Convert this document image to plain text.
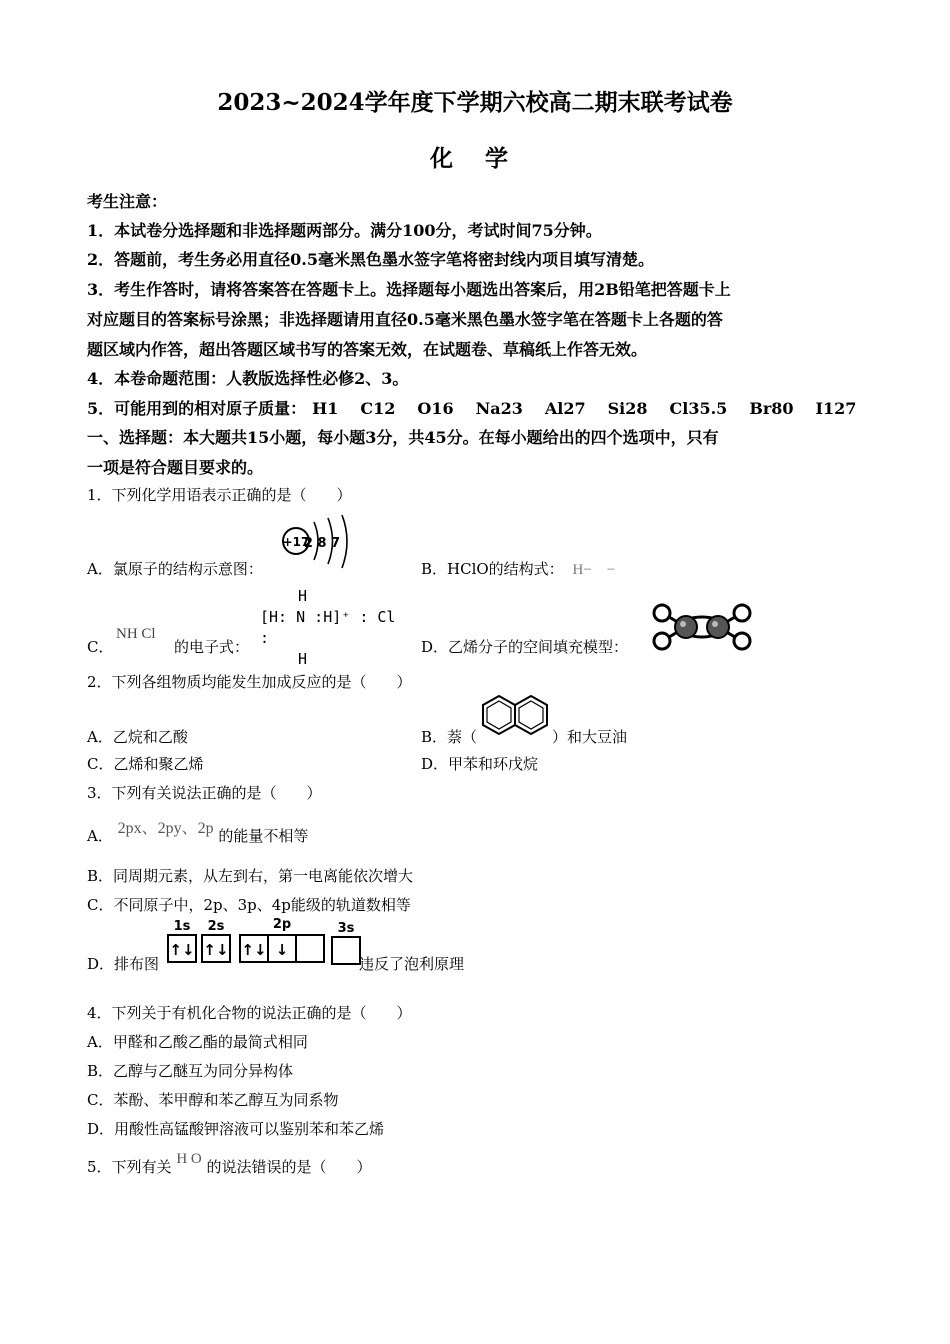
2023~2024学年度下学期六校高二期末联考试卷
化 学
考生注意：
1．本试卷分选择题和非选择题两部分。满分100分，考试时间75分钟。
2．答题前，考生务必用直径0.5毫米黑色墨水签字笔将密封线内项目填写清楚。
3．考生作答时，请将答案答在答题卡上。选择题每小题选出答案后，用2B铅笔把答题卡上
对应题目的答案标号涂黑；非选择题请用直径0.5毫米黑色墨水签字笔在答题卡上各题的答
题区域内作答，超出答题区域书写的答案无效，在试题卷、草稿纸上作答无效。
4．本卷命题范围：人教版选择性必修2、3。
5．可能用到的相对原子质量： H1 C12 O16 Na23 Al27 Si28 Cl35.5 Br80 I127
一、选择题：本大题共15小题，每小题3分，共45分。在每小题给出的四个选项中，只有
一项是符合题目要求的。
1．下列化学用语表示正确的是（　　）
A．氯原子的结构示意图：
+17
2 8 7
B．HClO的结构式： H−　−
C．
NH Cl
的电子式：
H
[H: N :H]⁺ : Cl :
H
D．乙烯分子的空间填充模型：
2．下列各组物质均能发生加成反应的是（　　）
A．乙烷和乙酸	B．萘（	）和大豆油
C．乙烯和聚乙烯	D．甲苯和环戊烷
3．下列有关说法正确的是（　　）
A． 2px、2py、2p 的能量不相等
B．同周期元素，从左到右，第一电离能依次增大
C．不同原子中，2p、3p、4p能级的轨道数相等
D．排布图
1s 2s	2p	3s
↑↓ ↑↓ ↑↓ ↓
违反了泡利原理
4．下列关于有机化合物的说法正确的是（　　）
A．甲醛和乙酸乙酯的最简式相同
B．乙醇与乙醚互为同分异构体
C．苯酚、苯甲醇和苯乙醇互为同系物
D．用酸性高锰酸钾溶液可以鉴别苯和苯乙烯
5．下列有关 H O 的说法错误的是（　　）
